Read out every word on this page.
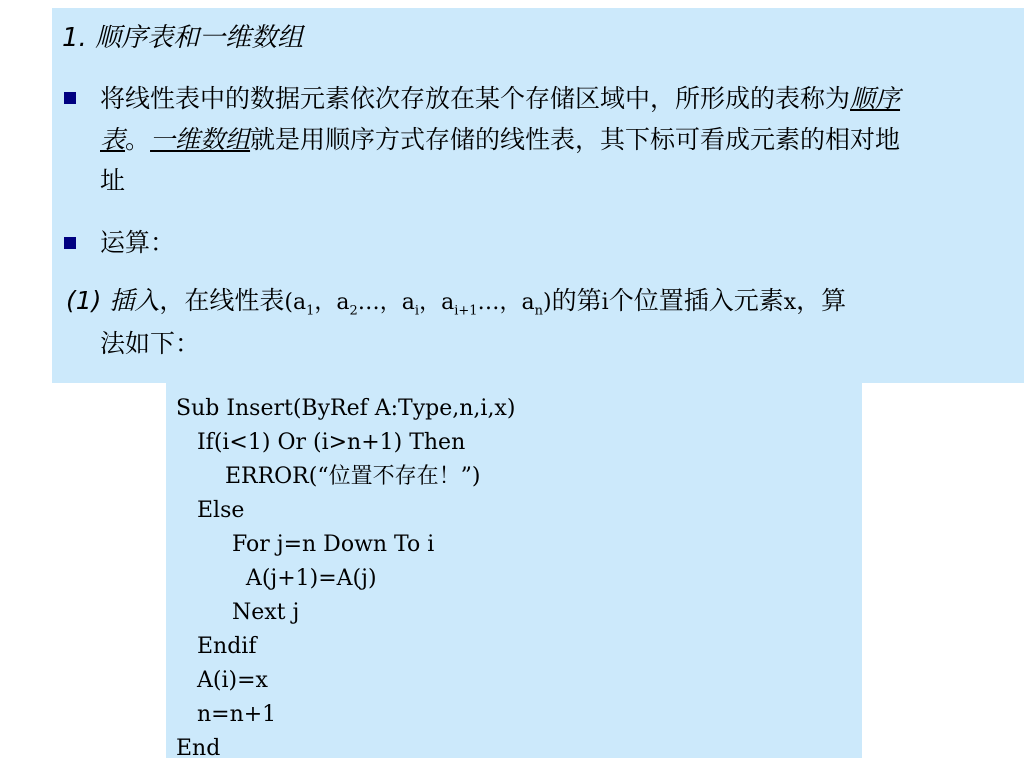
1. 顺序表和一维数组
将线性表中的数据元素依次存放在某个存储区域中，所形成的表称为顺序
表。一维数组就是用顺序方式存储的线性表，其下标可看成元素的相对地
址
运算：
(1) 插入，在线性表($a_1$，$a_2\dots$，$a_i$，$a_{i+1}\dots$，$a_n$)的第i个位置插入元素x，算
法如下：
Sub Insert(ByRef A:Type,n,i,x)
If(i<1) Or (i>n+1) Then
ERROR(“位置不存在！”)
Else
For j=n Down To i
A(j+1)=A(j)
Next j
Endif
A(i)=x
n=n+1
End
